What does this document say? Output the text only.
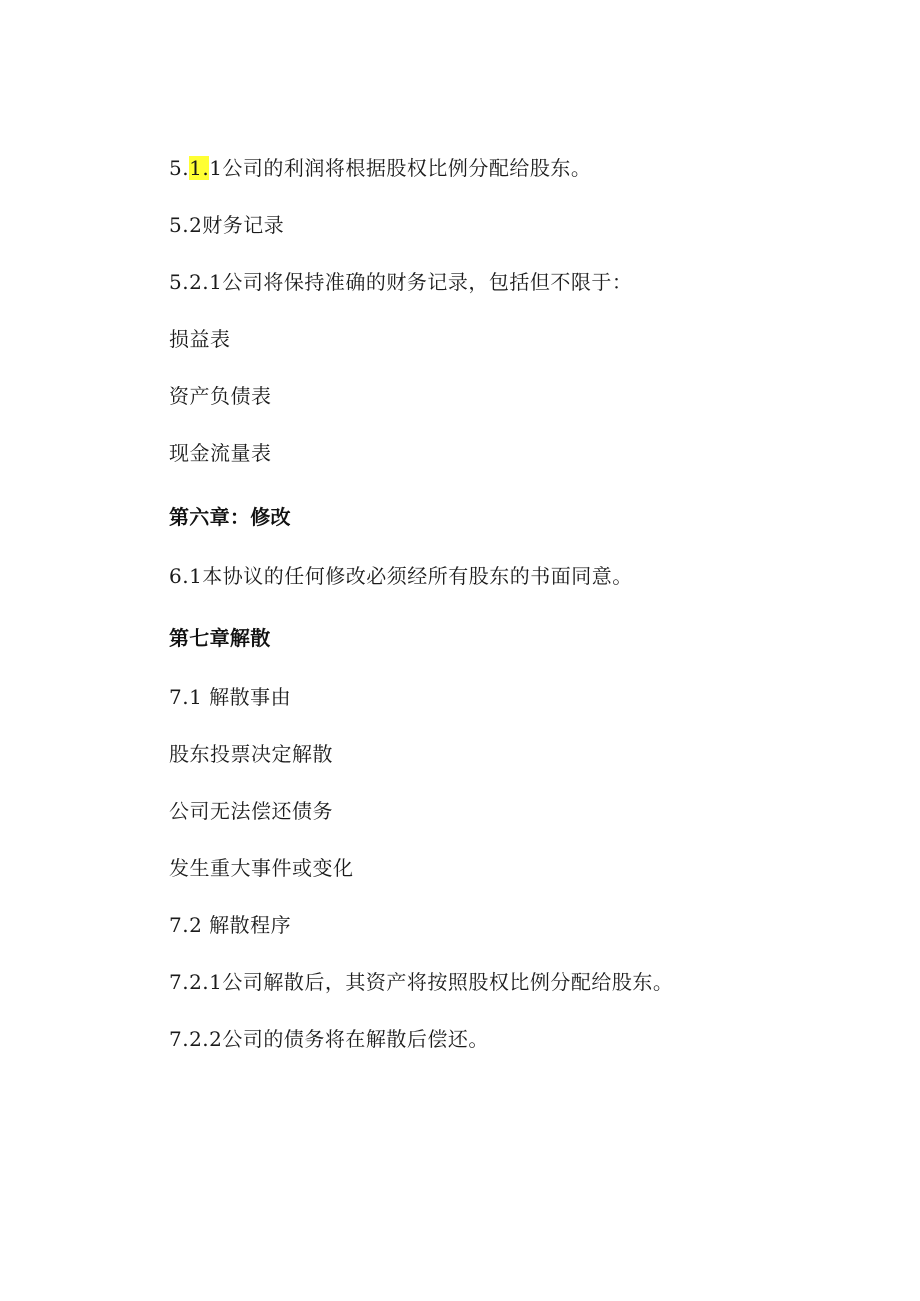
5.1.1公司的利润将根据股权比例分配给股东。
5.2财务记录
5.2.1公司将保持准确的财务记录，包括但不限于：
损益表
资产负债表
现金流量表
第六章：修改
6.1本协议的任何修改必须经所有股东的书面同意。
第七章解散
7.1 解散事由
股东投票决定解散
公司无法偿还债务
发生重大事件或变化
7.2 解散程序
7.2.1公司解散后，其资产将按照股权比例分配给股东。
7.2.2公司的债务将在解散后偿还。
